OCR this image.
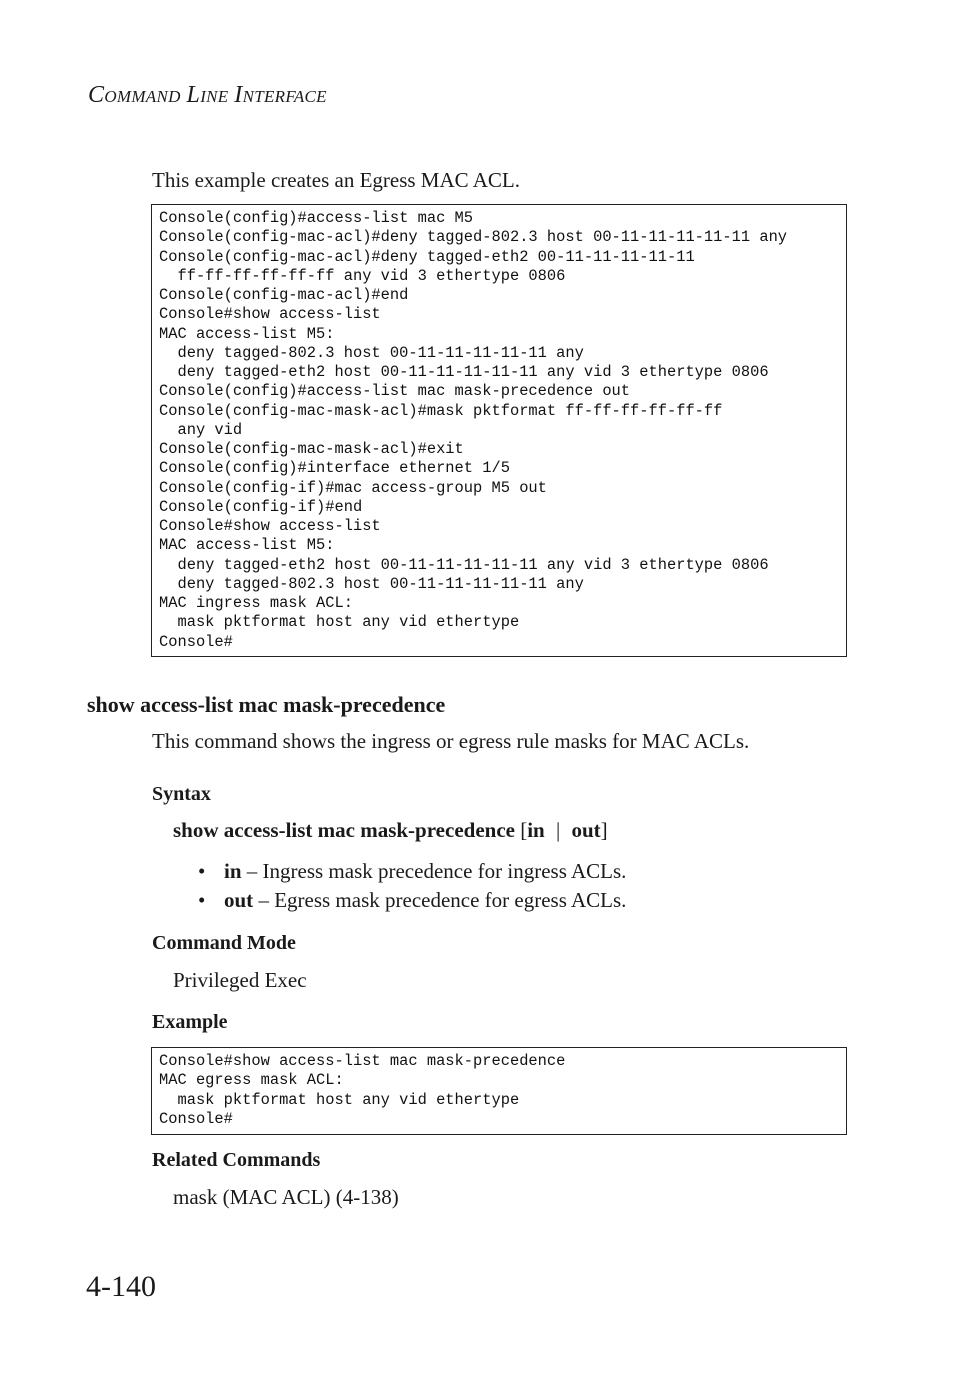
COMMAND LINE INTERFACE
This example creates an Egress MAC ACL.
Console(config)#access-list mac M5
Console(config-mac-acl)#deny tagged-802.3 host 00-11-11-11-11-11 any
Console(config-mac-acl)#deny tagged-eth2 00-11-11-11-11-11
ff-ff-ff-ff-ff-ff any vid 3 ethertype 0806
Console(config-mac-acl)#end
Console#show access-list
MAC access-list M5:
deny tagged-802.3 host 00-11-11-11-11-11 any
deny tagged-eth2 host 00-11-11-11-11-11 any vid 3 ethertype 0806
Console(config)#access-list mac mask-precedence out
Console(config-mac-mask-acl)#mask pktformat ff-ff-ff-ff-ff-ff
any vid
Console(config-mac-mask-acl)#exit
Console(config)#interface ethernet 1/5
Console(config-if)#mac access-group M5 out
Console(config-if)#end
Console#show access-list
MAC access-list M5:
deny tagged-eth2 host 00-11-11-11-11-11 any vid 3 ethertype 0806
deny tagged-802.3 host 00-11-11-11-11-11 any
MAC ingress mask ACL:
mask pktformat host any vid ethertype
Console#
show access-list mac mask-precedence
This command shows the ingress or egress rule masks for MAC ACLs.
Syntax
show access-list mac mask-precedence [in | out]
• in – Ingress mask precedence for ingress ACLs.
• out – Egress mask precedence for egress ACLs.
Command Mode
Privileged Exec
Example
Console#show access-list mac mask-precedence
MAC egress mask ACL:
mask pktformat host any vid ethertype
Console#
Related Commands
mask (MAC ACL) (4-138)
4-140
